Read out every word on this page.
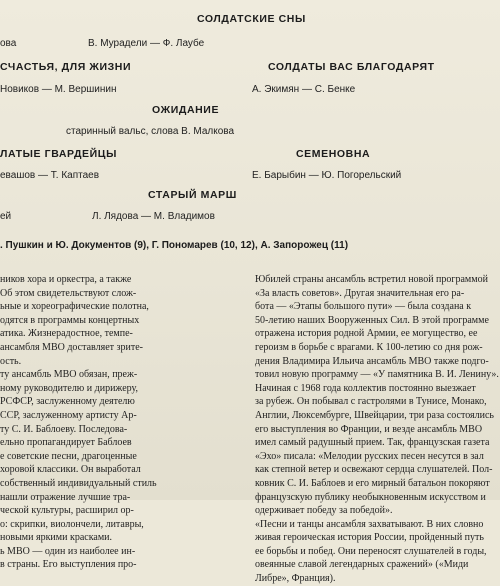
СОЛДАТСКИЕ СНЫ
ова	В. Мурадели — Ф. Лаубе
СЧАСТЬЯ, ДЛЯ ЖИЗНИ
Новиков — М. Вершинин
СОЛДАТЫ ВАС БЛАГОДАРЯТ
А. Экимян — С. Бенке
ОЖИДАНИЕ
старинный вальс, слова В. Малкова
ЛАТЫЕ ГВАРДЕЙЦЫ
евашов — Т. Каптаев
СЕМЕНОВНА
Е. Барыбин — Ю. Погорельский
СТАРЫЙ МАРШ
ей	Л. Лядова — М. Владимов
. Пушкин и Ю. Документов (9), Г. Пономарев (10, 12), А. Запорожец (11)
ников хора и оркестра, а также
Об этом свидетельствуют слож-
ьные и хореографические полотна,
одятся в программы концертных
атика. Жизнерадостное, темпе-
ансамбля МВО доставляет зрите-
ость.
ту ансамбль МВО обязан, преж-
ному руководителю и дирижеру,
РСФСР, заслуженному деятелю
ССР, заслуженному артисту Ар-
ту С. И. Баблоеву. Последова-
ельно пропагандирует Баблоев
е советские песни, драгоценные
хоровой классики. Он выработал
собственный индивидуальный стиль
нашли отражение лучшие тра-
ческой культуры, расширил ор-
о: скрипки, виолончели, литавры,
новыми яркими красками.
ь МВО — один из наиболее ин-
в страны. Его выступления про-
Юбилей страны ансамбль встретил новой программой
«За власть советов». Другая значительная его ра-
бота — «Этапы большого пути» — была создана к
50-летию наших Вооруженных Сил. В этой программе
отражена история родной Армии, ее могущество, ее
героизм в борьбе с врагами. К 100-летию со дня рож-
дения Владимира Ильича ансамбль МВО также подго-
товил новую программу — «У памятника В. И. Ленину».
Начиная с 1968 года коллектив постоянно выезжает
за рубеж. Он побывал с гастролями в Тунисе, Монако,
Англии, Люксембурге, Швейцарии, три раза состоялись
его выступления во Франции, и везде ансамбль МВО
имел самый радушный прием. Так, французская газета
«Эхо» писала: «Мелодии русских песен несутся в зал
как степной ветер и освежают сердца слушателей. Пол-
ковник С. И. Баблоев и его мирный батальон покоряют
французскую публику необыкновенным искусством и
одерживает победу за победой».
«Песни и танцы ансамбля захватывают. В них словно
живая героическая история России, пройденный путь
ее борьбы и побед. Они переносят слушателей в годы,
овеянные славой легендарных сражений» («Миди
Либре», Франция).
